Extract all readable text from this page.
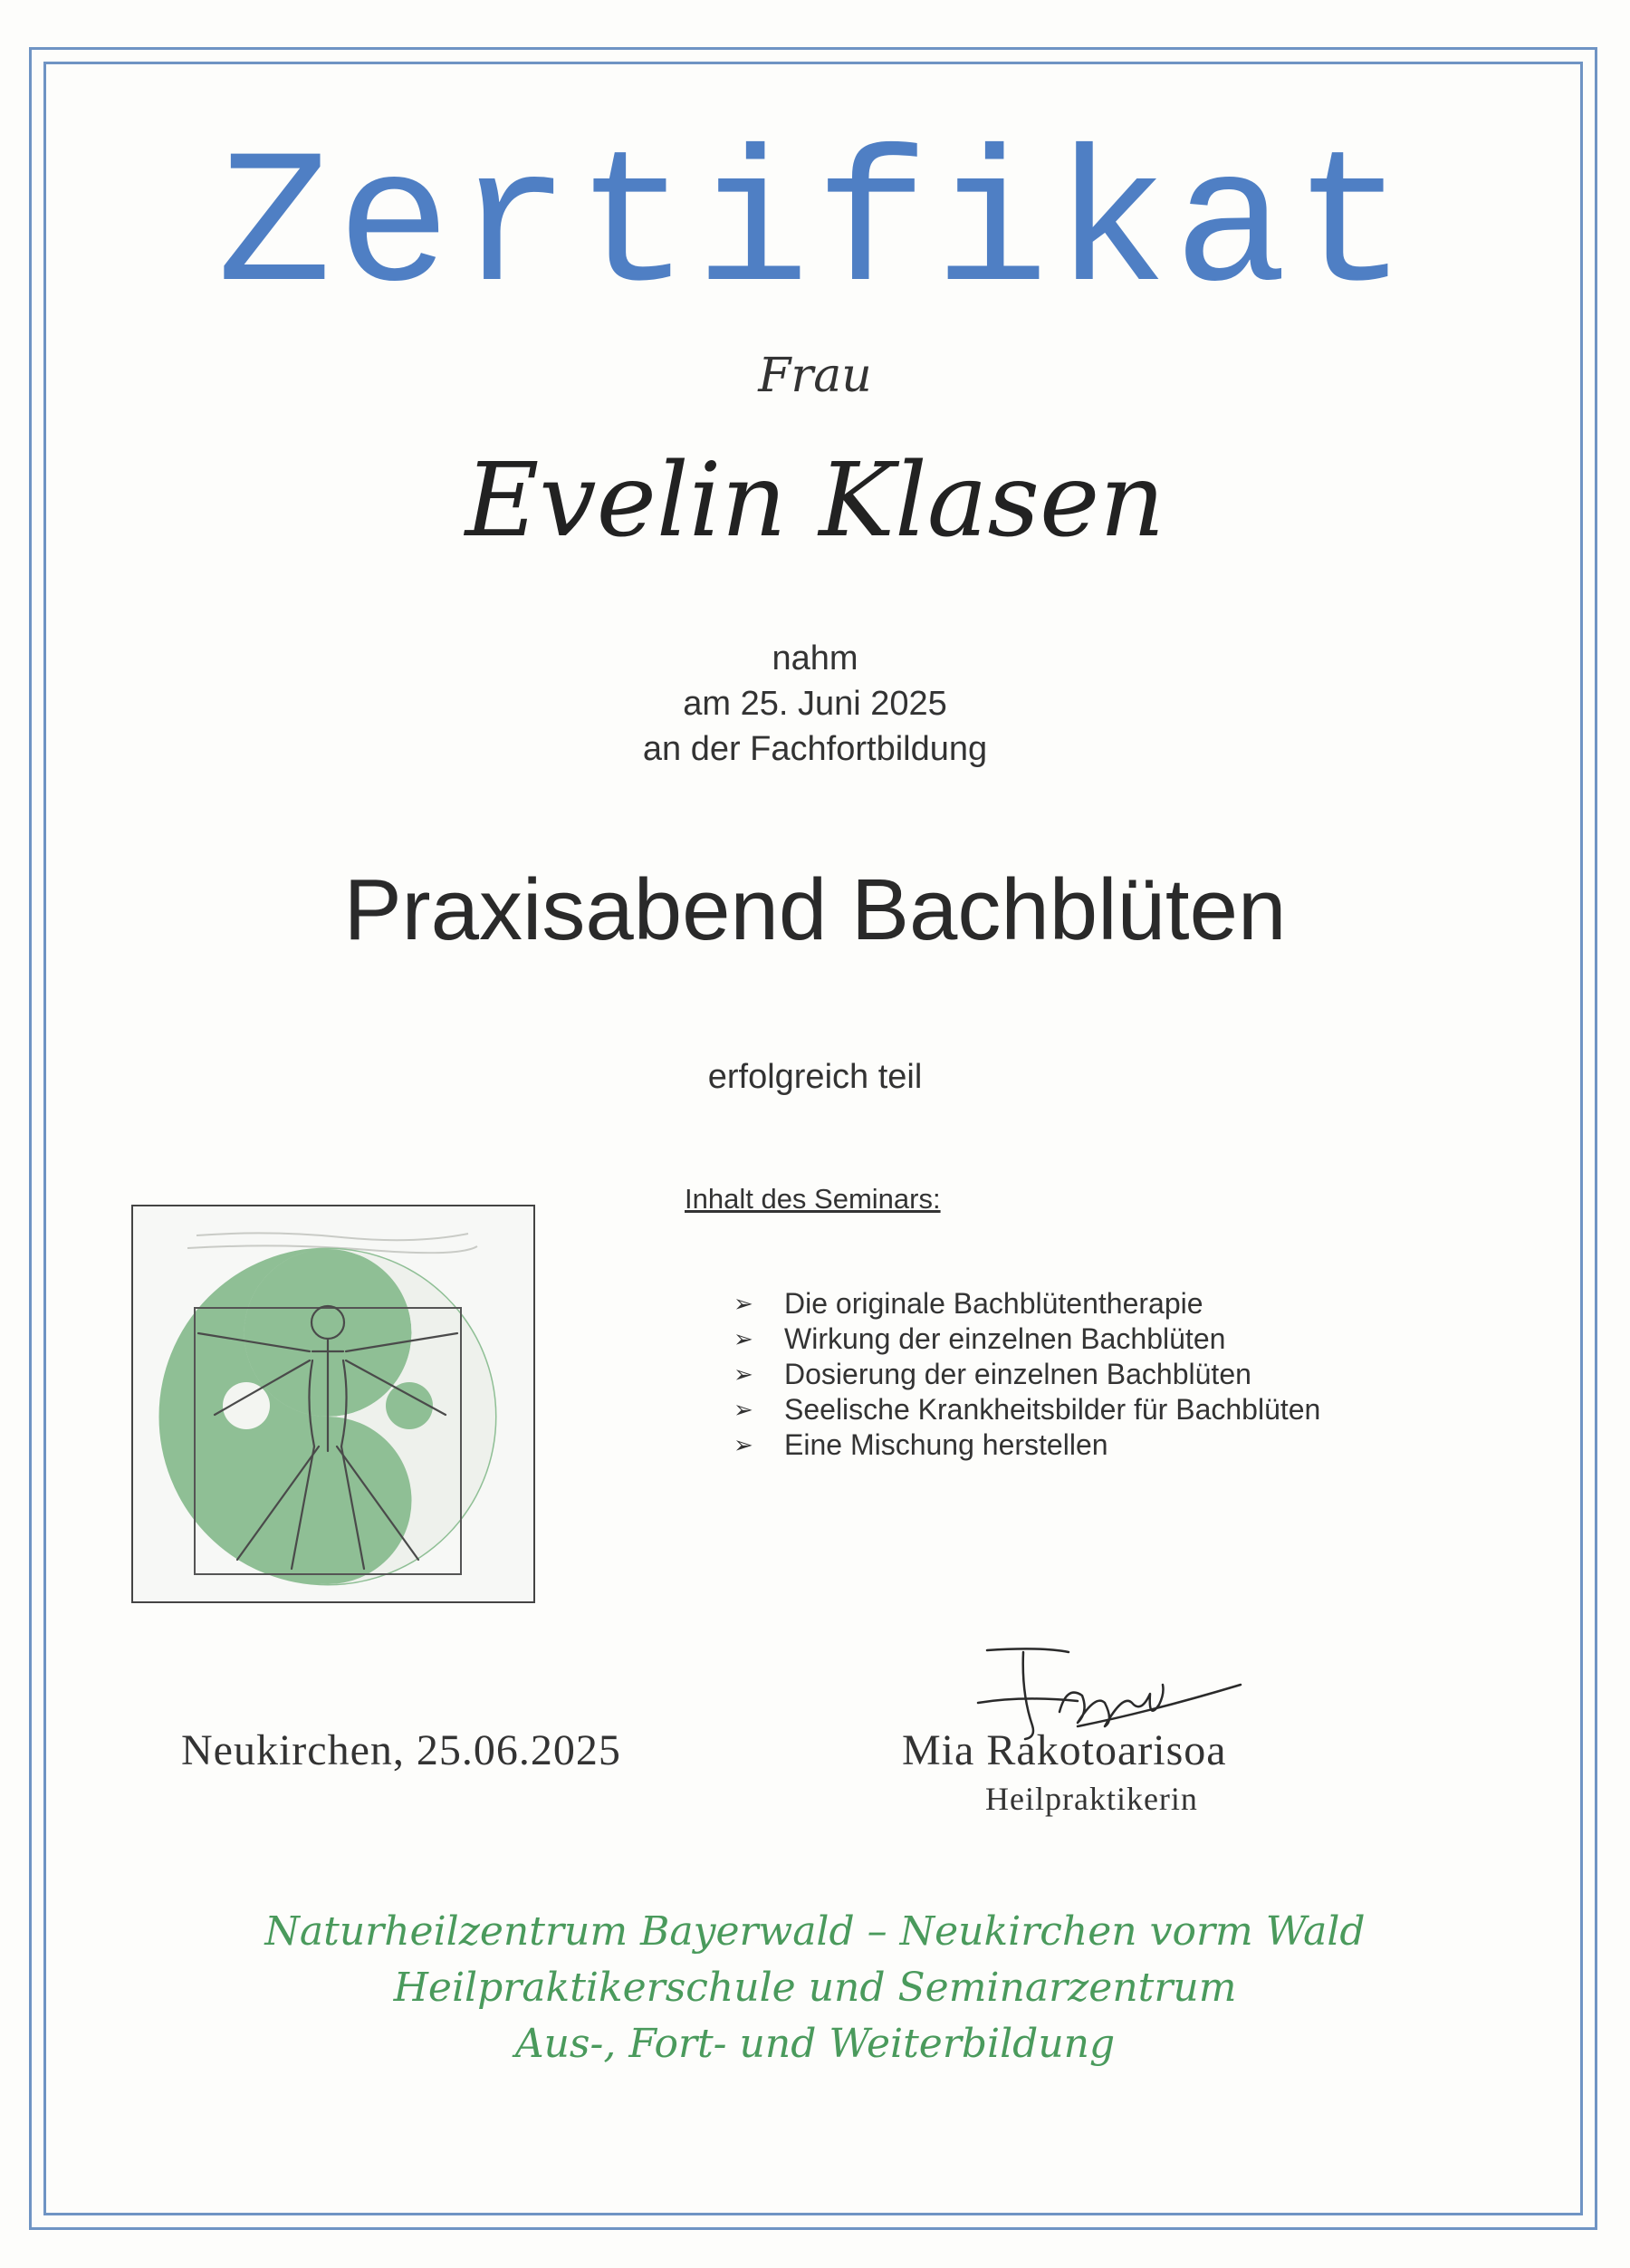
Zertifikat
Frau
Evelin Klasen
nahm
am 25. Juni 2025
an der Fachfortbildung
Praxisabend Bachblüten
erfolgreich teil
Inhalt des Seminars:
➢ Die originale Bachblütentherapie
➢ Wirkung der einzelnen Bachblüten
➢ Dosierung der einzelnen Bachblüten
➢ Seelische Krankheitsbilder für Bachblüten
➢ Eine Mischung herstellen
Neukirchen, 25.06.2025	Mia Rakotoarisoa
Heilpraktikerin
Naturheilzentrum Bayerwald – Neukirchen vorm Wald
Heilpraktikerschule und Seminarzentrum
Aus-, Fort- und Weiterbildung
